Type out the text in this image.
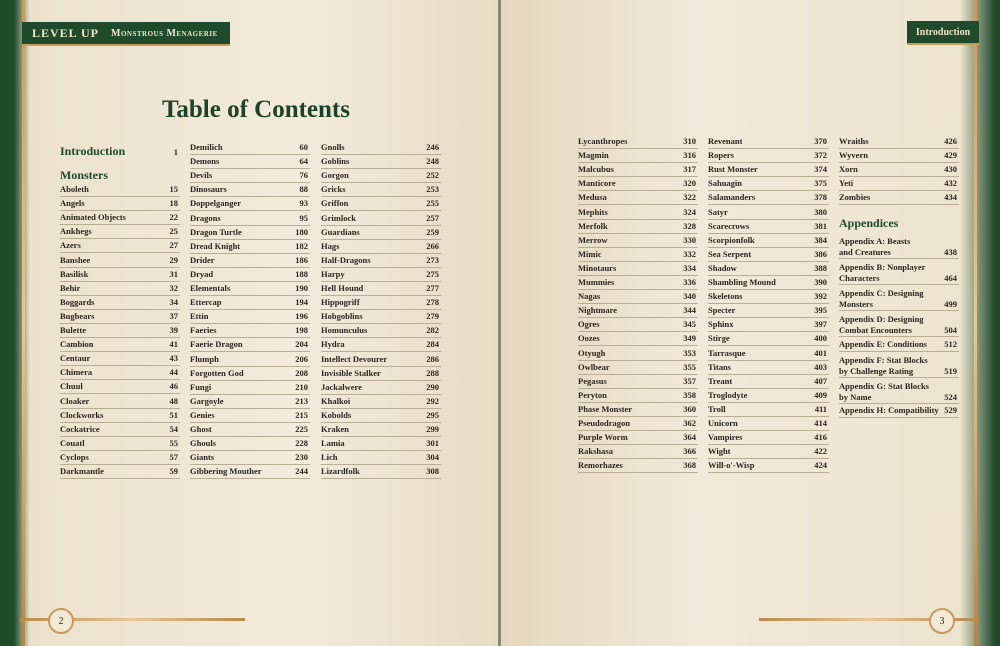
LEVEL UP Monstrous Menagerie
Table of Contents
Introduction	1
Monsters
Aboleth	15
Angels	18
Animated Objects	22
Ankhegs	25
Azers	27
Banshee	29
Basilisk	31
Behir	32
Boggards	34
Bugbears	37
Bulette	39
Cambion	41
Centaur	43
Chimera	44
Chuul	46
Cloaker	48
Clockworks	51
Cockatrice	54
Couatl	55
Cyclops	57
Darkmantle	59
Demilich	60
Demons	64
Devils	76
Dinosaurs	88
Doppelganger	93
Dragons	95
Dragon Turtle	180
Dread Knight	182
Drider	186
Dryad	188
Elementals	190
Ettercap	194
Ettin	196
Faeries	198
Faerie Dragon	204
Flumph	206
Forgotten God	208
Fungi	210
Gargoyle	213
Genies	215
Ghost	225
Ghouls	228
Giants	230
Gibbering Mouther	244
Gnolls	246
Goblins	248
Gorgon	252
Gricks	253
Griffon	255
Grimlock	257
Guardians	259
Hags	266
Half-Dragons	273
Harpy	275
Hell Hound	277
Hippogriff	278
Hobgoblins	279
Homunculus	282
Hydra	284
Intellect Devourer	286
Invisible Stalker	288
Jackalwere	290
Khalkoi	292
Kobolds	295
Kraken	299
Lamia	301
Lich	304
Lizardfolk	308
2
Introduction
Lycanthropes	310
Magmin	316
Malcubus	317
Manticore	320
Medusa	322
Mephits	324
Merfolk	328
Merrow	330
Mimic	332
Minotaurs	334
Mummies	336
Nagas	340
Nightmare	344
Ogres	345
Oozes	349
Otyugh	353
Owlbear	355
Pegasus	357
Peryton	358
Phase Monster	360
Pseudodragon	362
Purple Worm	364
Rakshasa	366
Remorhazes	368
Revenant	370
Ropers	372
Rust Monster	374
Sahuagin	375
Salamanders	378
Satyr	380
Scarecrows	381
Scorpionfolk	384
Sea Serpent	386
Shadow	388
Shambling Mound	390
Skeletons	392
Specter	395
Sphinx	397
Stirge	400
Tarrasque	401
Titans	403
Treant	407
Troglodyte	409
Troll	411
Unicorn	414
Vampires	416
Wight	422
Will-o'-Wisp	424
Wraiths	426
Wyvern	429
Xorn	430
Yeti	432
Zombies	434
Appendices
Appendix A: Beasts
and Creatures	438
Appendix B: Nonplayer
Characters	464
Appendix C: Designing
Monsters	499
Appendix D: Designing
Combat Encounters	504
Appendix E: Conditions 512
Appendix F: Stat Blocks
by Challenge Rating	519
Appendix G: Stat Blocks
by Name	524
Appendix H: Compatibility 529
3
